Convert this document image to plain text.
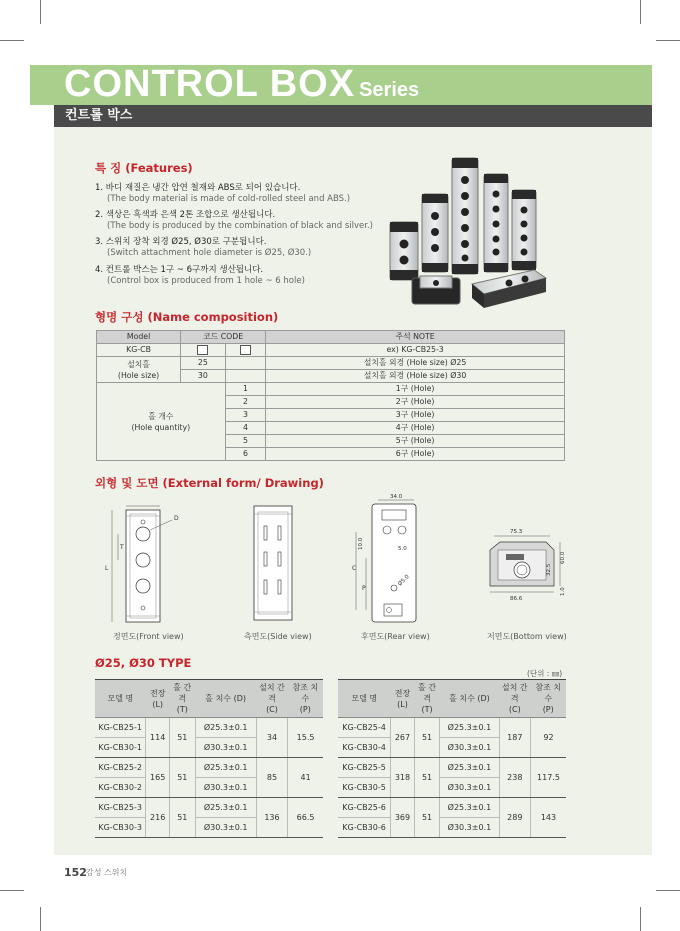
CONTROL BOX Series
컨트롤 박스
특 징 (Features)
1. 바디 재질은 냉간 압연 철재와 ABS로 되어 있습니다.
(The body material is made of cold-rolled steel and ABS.)
2. 색상은 흑색과 은색 2톤 조합으로 생산됩니다.
(The body is produced by the combination of black and silver.)
3. 스위치 장착 외경 Ø25, Ø30로 구분됩니다.
(Switch attachment hole diameter is Ø25, Ø30.)
4. 컨트롤 박스는 1구 ~ 6구까지 생산됩니다.
(Control box is produced from 1 hole ~ 6 hole)
형명 구성 (Name composition)
Model	코드 CODE		주석 NOTE
KG-CB			ex) KG-CB25-3
설치홀
(Hole size)	25		설치홀 외경 (Hole size) Ø25
	30		설치홀 외경 (Hole size) Ø30
홀 개수
(Hole quantity)		1	1구 (Hole)
		2	2구 (Hole)
		3	3구 (Hole)
		4	4구 (Hole)
		5	5구 (Hole)
		6	6구 (Hole)
외형 및 도면 (External form/ Drawing)
D
T
L
34.0
5.0
10.0
C
P
Ø5.0
75.3
86.6
60.0
32.5
1.0
정면도(Front view)	측면도(Side view)	후면도(Rear view)	저면도(Bottom view)
Ø25, Ø30 TYPE
(단위 : ㎜)
모델 명	전장
(L)	홀 간격
(T)	홀 치수 (D)	설치 간격
(C)	참조 치수
(P)
KG-CB25-1	114	51	Ø25.3±0.1	34	15.5
KG-CB30-1			Ø30.3±0.1		
KG-CB25-2	165	51	Ø25.3±0.1	85	41
KG-CB30-2			Ø30.3±0.1		
KG-CB25-3	216	51	Ø25.3±0.1	136	66.5
KG-CB30-3			Ø30.3±0.1		
모델 명	전장
(L)	홀 간격
(T)	홀 치수 (D)	설치 간격
(C)	참조 치수
(P)
KG-CB25-4	267	51	Ø25.3±0.1	187	92
KG-CB30-4			Ø30.3±0.1		
KG-CB25-5	318	51	Ø25.3±0.1	238	117.5
KG-CB30-5			Ø30.3±0.1		
KG-CB25-6	369	51	Ø25.3±0.1	289	143
KG-CB30-6			Ø30.3±0.1		
152 감성 스위치
